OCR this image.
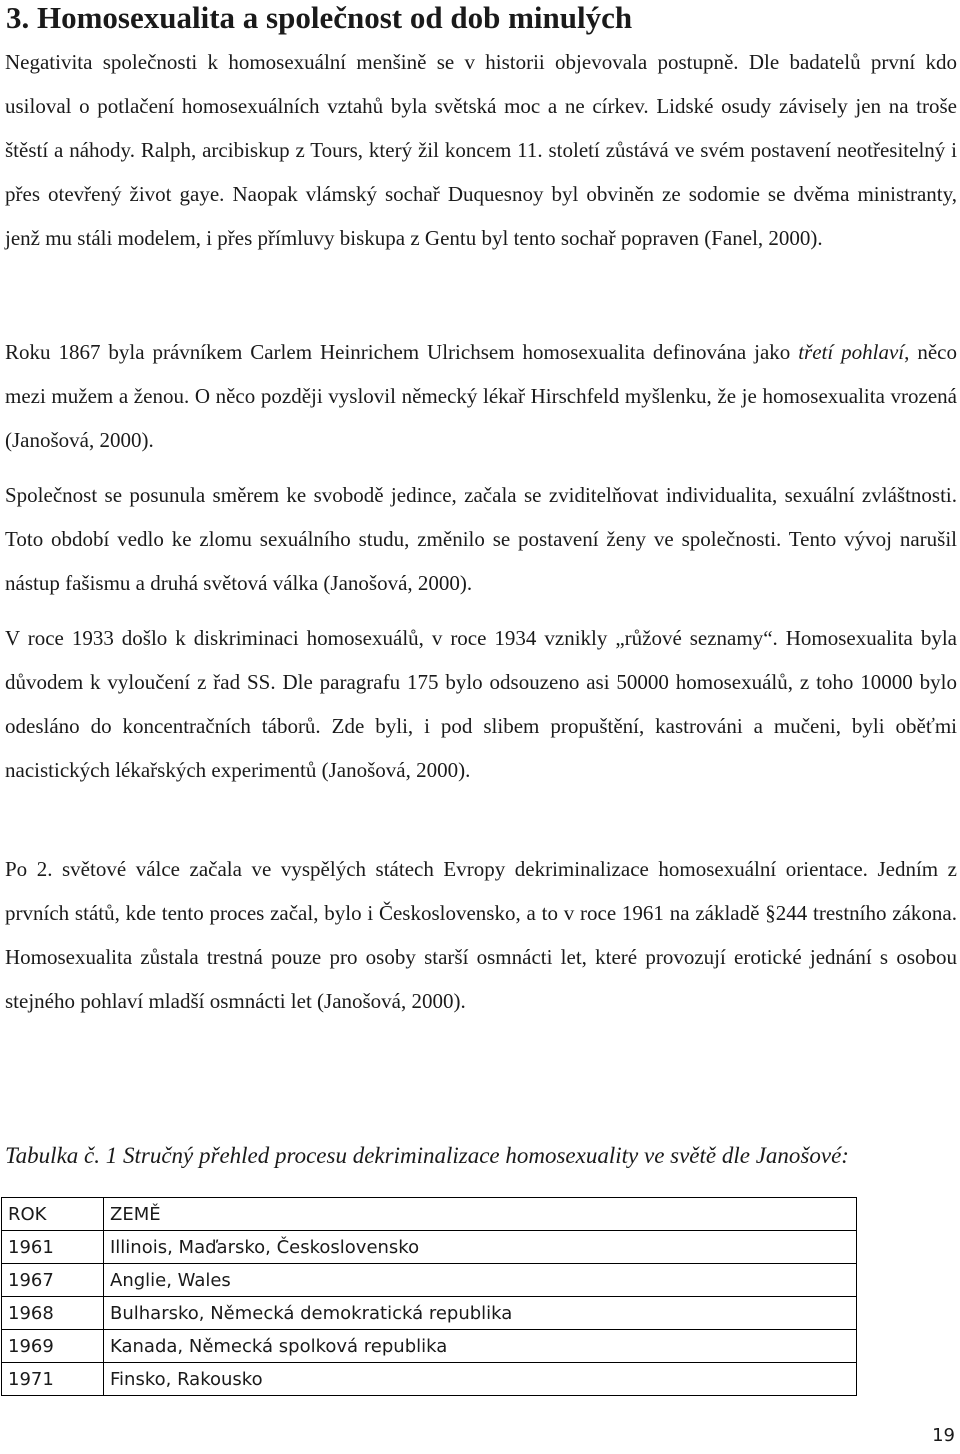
3. Homosexualita a společnost od dob minulých

Negativita společnosti k homosexuální menšině se v historii objevovala postupně. Dle badatelů první kdo usiloval o potlačení homosexuálních vztahů byla světská moc a ne církev. Lidské osudy závisely jen na troše štěstí a náhody. Ralph, arcibiskup z Tours, který žil koncem 11. století zůstává ve svém postavení neotřesitelný i přes otevřený život gaye. Naopak vlámský sochař Duquesnoy byl obviněn ze sodomie se dvěma ministranty, jenž mu stáli modelem, i přes přímluvy biskupa z Gentu byl tento sochař popraven (Fanel, 2000).

Roku 1867 byla právníkem Carlem Heinrichem Ulrichsem homosexualita definována jako třetí pohlaví, něco mezi mužem a ženou. O něco později vyslovil německý lékař Hirschfeld myšlenku, že je homosexualita vrozená (Janošová, 2000).

Společnost se posunula směrem ke svobodě jedince, začala se zviditelňovat individualita, sexuální zvláštnosti. Toto období vedlo ke zlomu sexuálního studu, změnilo se postavení ženy ve společnosti. Tento vývoj narušil nástup fašismu a druhá světová válka (Janošová, 2000).

V roce 1933 došlo k diskriminaci homosexuálů, v roce 1934 vznikly „růžové seznamy“. Homosexualita byla důvodem k vyloučení z řad SS. Dle paragrafu 175 bylo odsouzeno asi 50000 homosexuálů, z toho 10000 bylo odesláno do koncentračních táborů. Zde byli, i pod slibem propuštění, kastrováni a mučeni, byli oběťmi nacistických lékařských experimentů (Janošová, 2000).

Po 2. světové válce začala ve vyspělých státech Evropy dekriminalizace homosexuální orientace. Jedním z prvních států, kde tento proces začal, bylo i Československo, a to v roce 1961 na základě §244 trestního zákona. Homosexualita zůstala trestná pouze pro osoby starší osmnácti let, které provozují erotické jednání s osobou stejného pohlaví mladší osmnácti let (Janošová, 2000).

Tabulka č. 1 Stručný přehled procesu dekriminalizace homosexuality ve světě dle Janošové:

ROK	ZEMĚ
1961	Illinois, Maďarsko, Československo
1967	Anglie, Wales
1968	Bulharsko, Německá demokratická republika
1969	Kanada, Německá spolková republika
1971	Finsko, Rakousko
19
